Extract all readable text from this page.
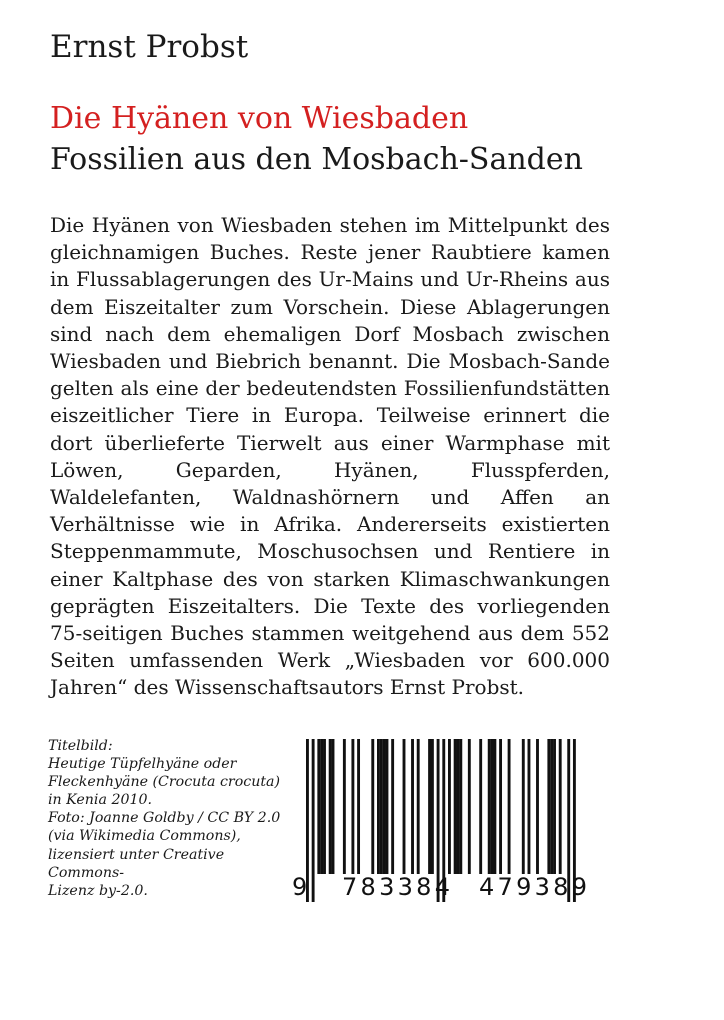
Ernst Probst
Die Hyänen von Wiesbaden
Fossilien aus den Mosbach-Sanden

Die Hyänen von Wiesbaden stehen im Mittelpunkt des gleichnamigen Buches. Reste jener Raubtiere kamen in Flussablagerungen des Ur-Mains und Ur-Rheins aus dem Eiszeitalter zum Vorschein. Diese Ablagerungen sind nach dem ehemaligen Dorf Mosbach zwischen Wiesbaden und Biebrich benannt. Die Mosbach-Sande gelten als eine der bedeutendsten Fossilienfundstätten eiszeitlicher Tiere in Europa. Teilweise erinnert die dort überlieferte Tierwelt aus einer Warmphase mit Löwen, Geparden, Hyänen, Flusspferden, Waldelefanten, Waldnashörnern und Affen an Verhältnisse wie in Afrika. Andererseits existierten Steppenmammute, Moschusochsen und Rentiere in einer Kaltphase des von starken Klimaschwankungen geprägten Eiszeitalters. Die Texte des vorliegenden 75-seitigen Buches stammen weitgehend aus dem 552 Seiten umfassenden Werk „Wiesbaden vor 600.000 Jahren“ des Wissenschaftsautors Ernst Probst.

Titelbild:
Heutige Tüpfelhyäne oder
Fleckenhyäne (Crocuta crocuta)
in Kenia 2010.
Foto: Joanne Goldby / CC BY 2.0
(via Wikimedia Commons),
lizensiert unter Creative Commons-
Lizenz by-2.0.	9 783384 479389
